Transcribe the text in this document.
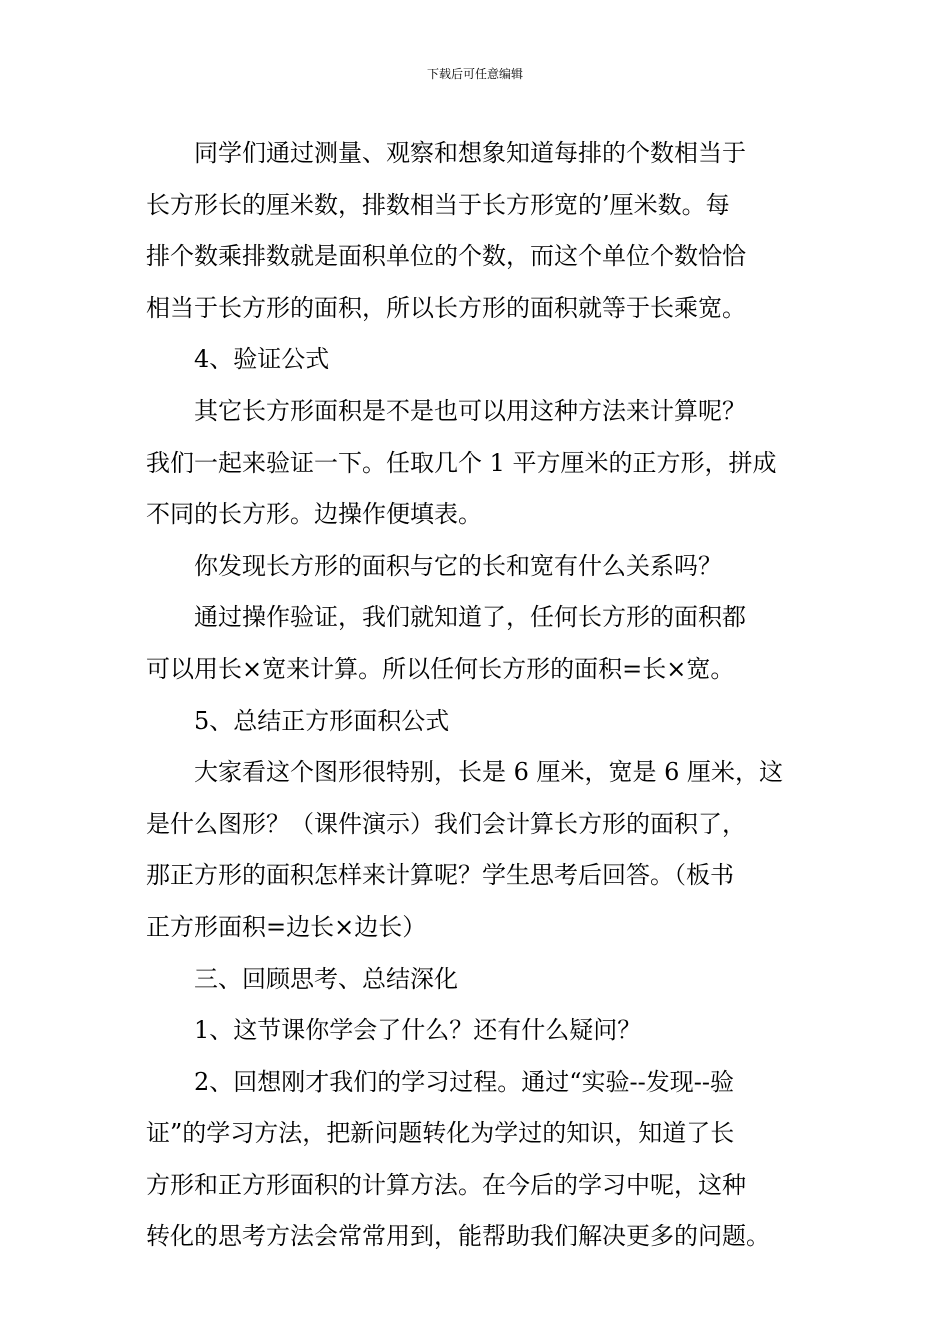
下载后可任意编辑
同学们通过测量、观察和想象知道每排的个数相当于
长方形长的厘米数，排数相当于长方形宽的’厘米数。每
排个数乘排数就是面积单位的个数，而这个单位个数恰恰
相当于长方形的面积，所以长方形的面积就等于长乘宽。
4、验证公式
其它长方形面积是不是也可以用这种方法来计算呢？
我们一起来验证一下。任取几个 1 平方厘米的正方形，拼成
不同的长方形。边操作便填表。
你发现长方形的面积与它的长和宽有什么关系吗？
通过操作验证，我们就知道了，任何长方形的面积都
可以用长×宽来计算。所以任何长方形的面积=长×宽。
5、总结正方形面积公式
大家看这个图形很特别，长是 6 厘米，宽是 6 厘米，这
是什么图形？（课件演示）我们会计算长方形的面积了，
那正方形的面积怎样来计算呢？学生思考后回答。（板书
正方形面积=边长×边长）
三、回顾思考、总结深化
1、这节课你学会了什么？还有什么疑问？
2、回想刚才我们的学习过程。通过“实验--发现--验
证”的学习方法，把新问题转化为学过的知识，知道了长
方形和正方形面积的计算方法。在今后的学习中呢，这种
转化的思考方法会常常用到，能帮助我们解决更多的问题。
